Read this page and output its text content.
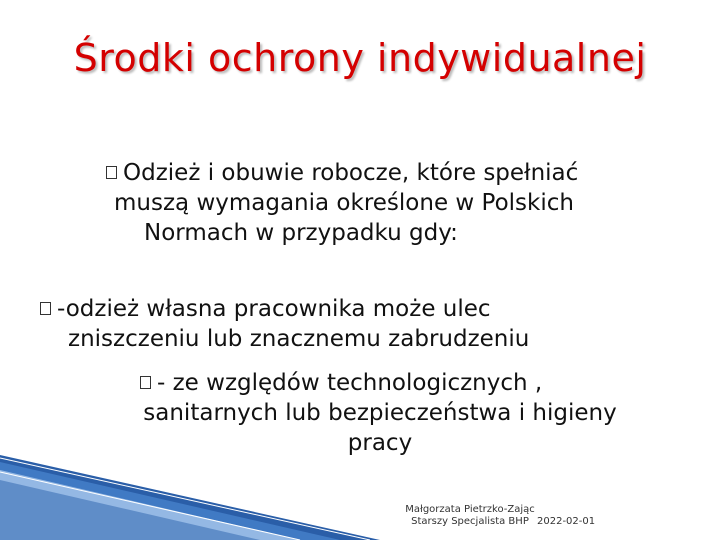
Środki ochrony indywidualnej
Odzież i obuwie robocze, które spełniać
muszą wymagania określone w Polskich
Normach w przypadku gdy:
-odzież własna pracownika może ulec
zniszczeniu lub znacznemu zabrudzeniu
- ze względów technologicznych ,
sanitarnych lub bezpieczeństwa i higieny
pracy
Małgorzata Pietrzko-Zając
Starszy Specjalista BHP 2022-02-01
